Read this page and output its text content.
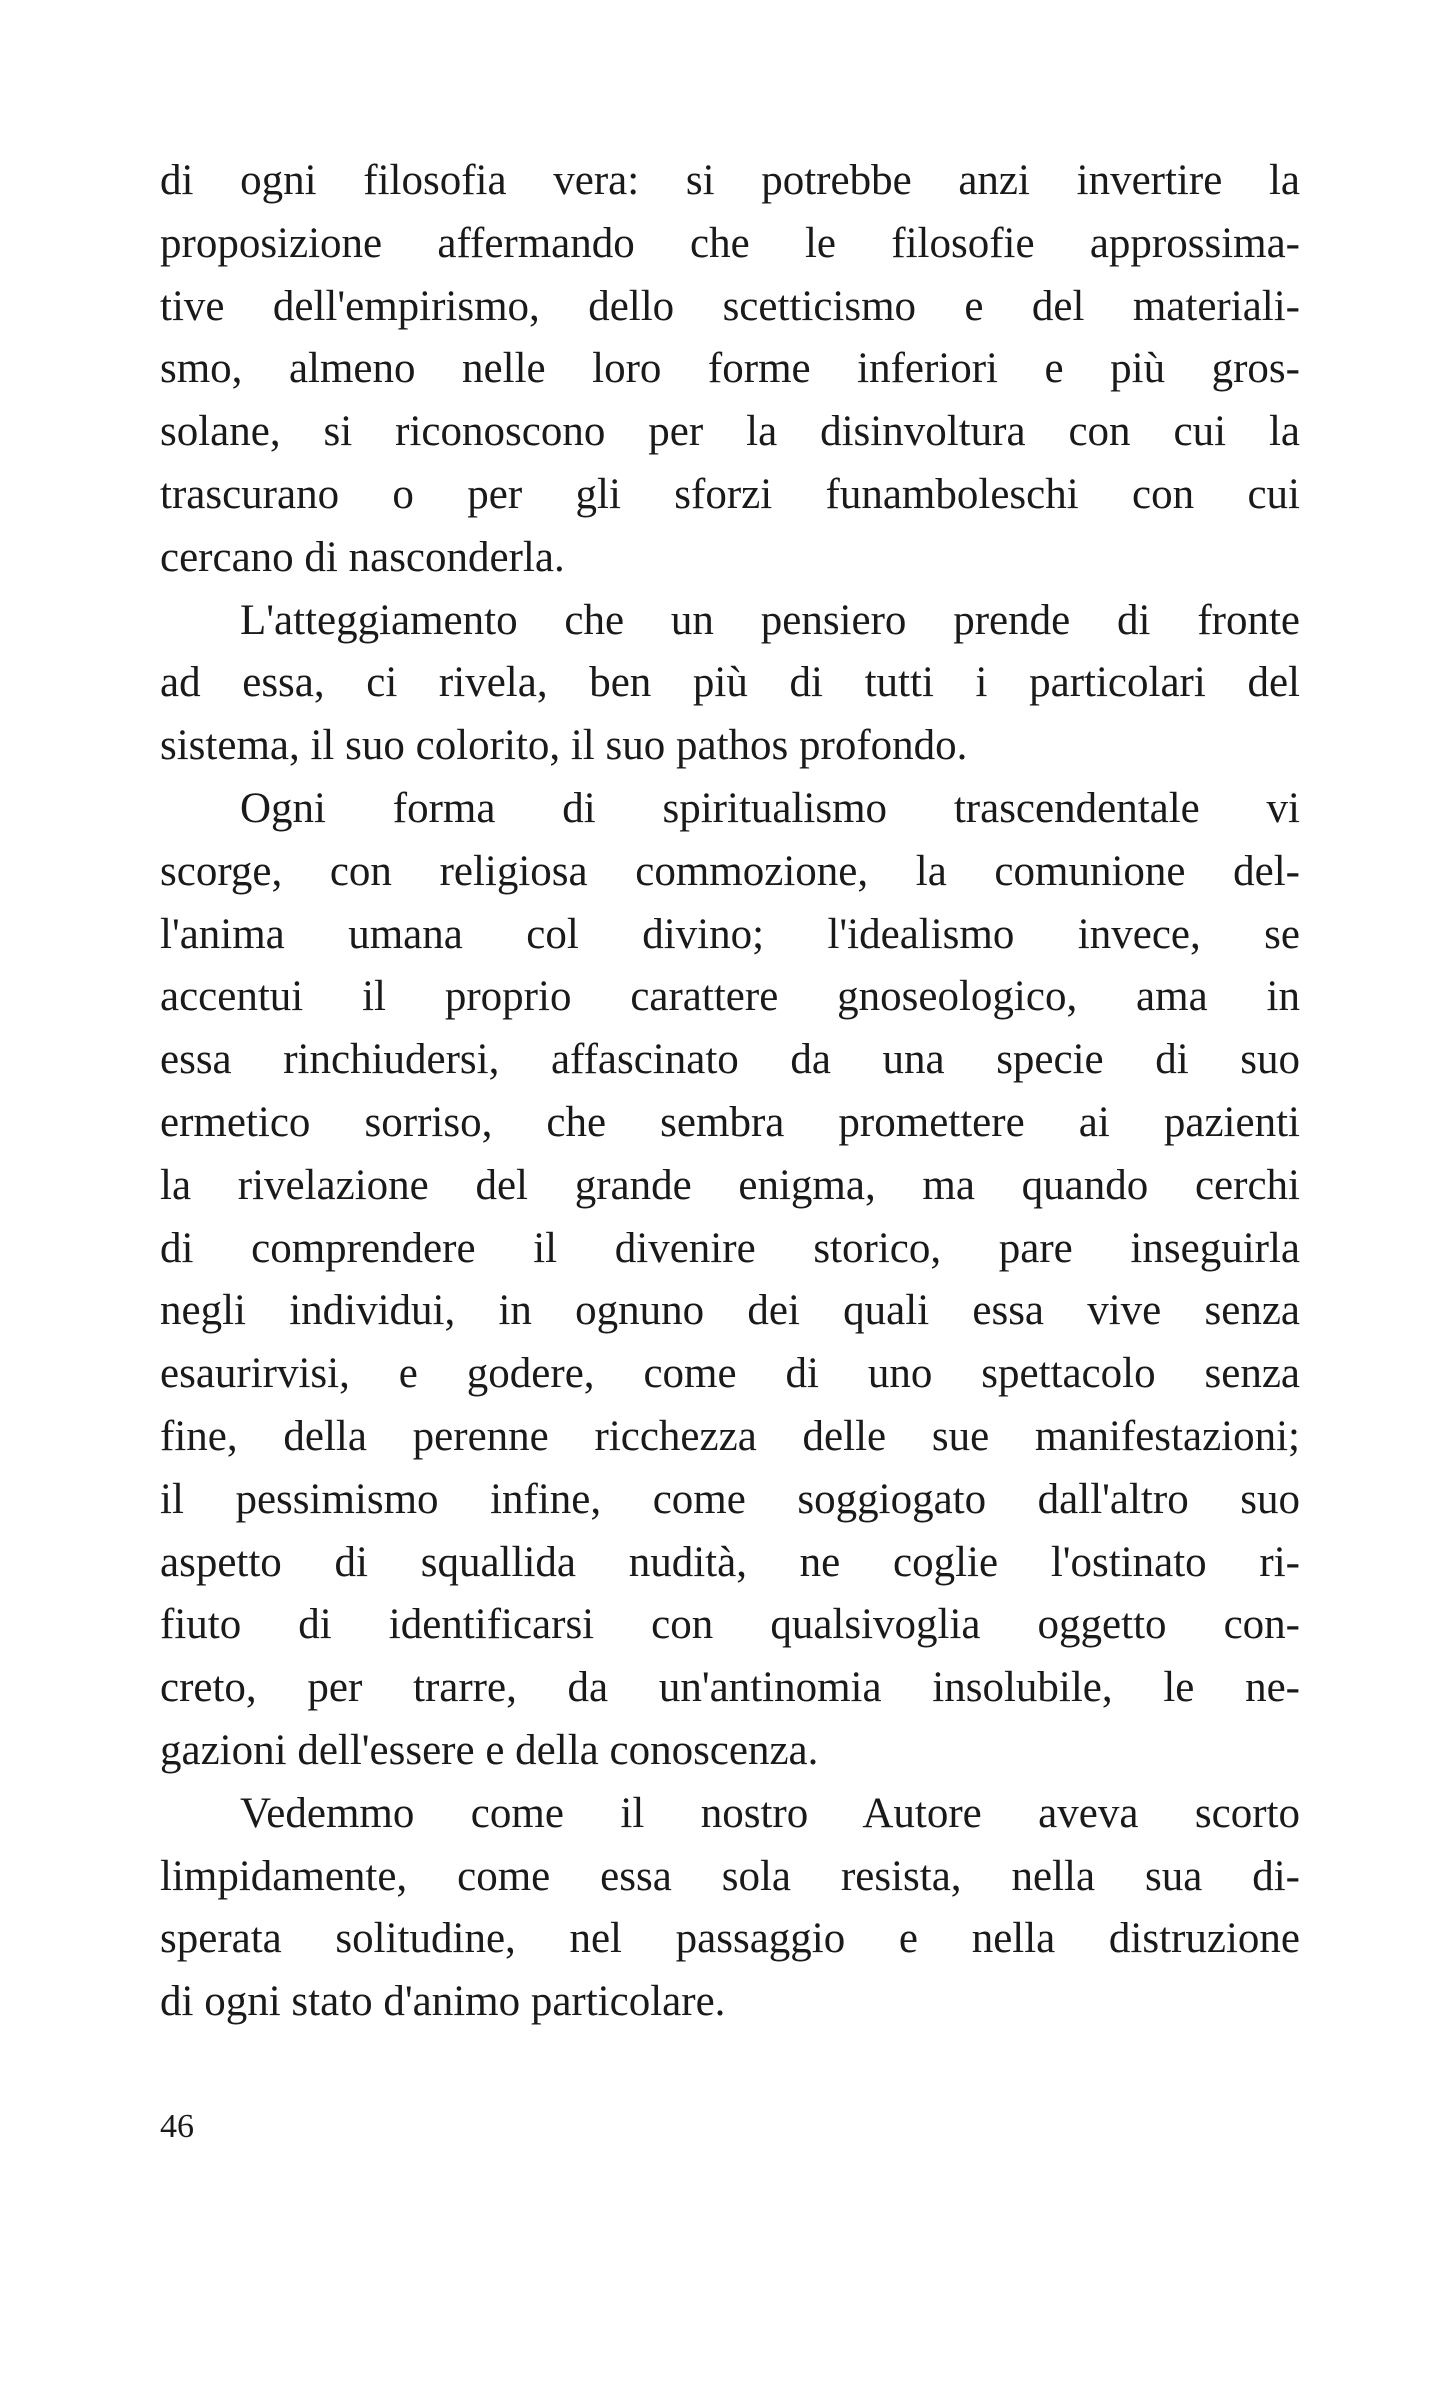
di ogni filosofia vera: si potrebbe anzi invertire la
proposizione affermando che le filosofie approssima-
tive dell'empirismo, dello scetticismo e del materiali-
smo, almeno nelle loro forme inferiori e più gros-
solane, si riconoscono per la disinvoltura con cui la
trascurano o per gli sforzi funamboleschi con cui
cercano di nasconderla.
L'atteggiamento che un pensiero prende di fronte
ad essa, ci rivela, ben più di tutti i particolari del
sistema, il suo colorito, il suo pathos profondo.
Ogni forma di spiritualismo trascendentale vi
scorge, con religiosa commozione, la comunione del-
l'anima umana col divino; l'idealismo invece, se
accentui il proprio carattere gnoseologico, ama in
essa rinchiudersi, affascinato da una specie di suo
ermetico sorriso, che sembra promettere ai pazienti
la rivelazione del grande enigma, ma quando cerchi
di comprendere il divenire storico, pare inseguirla
negli individui, in ognuno dei quali essa vive senza
esaurirvisi, e godere, come di uno spettacolo senza
fine, della perenne ricchezza delle sue manifestazioni;
il pessimismo infine, come soggiogato dall'altro suo
aspetto di squallida nudità, ne coglie l'ostinato ri-
fiuto di identificarsi con qualsivoglia oggetto con-
creto, per trarre, da un'antinomia insolubile, le ne-
gazioni dell'essere e della conoscenza.
Vedemmo come il nostro Autore aveva scorto
limpidamente, come essa sola resista, nella sua di-
sperata solitudine, nel passaggio e nella distruzione
di ogni stato d'animo particolare.
46
